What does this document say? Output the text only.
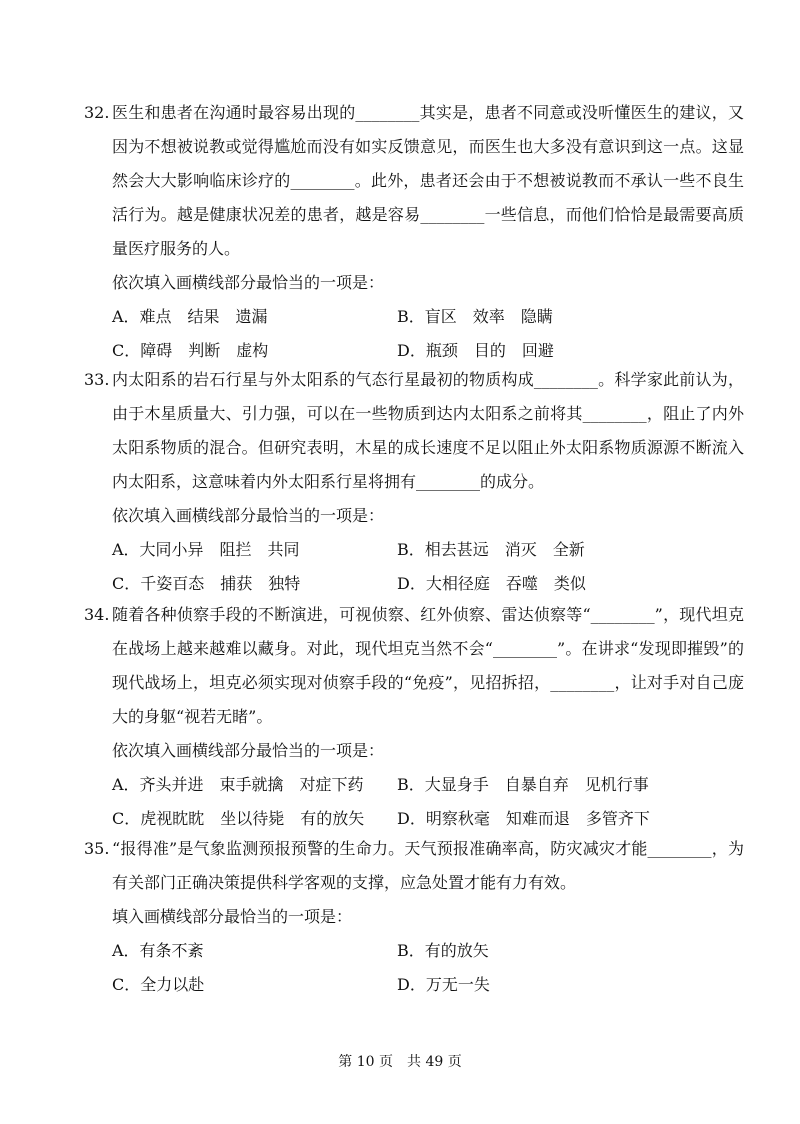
32. 医生和患者在沟通时最容易出现的________其实是，患者不同意或没听懂医生的建议，又因为不想被说教或觉得尴尬而没有如实反馈意见，而医生也大多没有意识到这一点。这显然会大大影响临床诊疗的________。此外，患者还会由于不想被说教而不承认一些不良生活行为。越是健康状况差的患者，越是容易________一些信息，而他们恰恰是最需要高质量医疗服务的人。
依次填入画横线部分最恰当的一项是：
A．难点　结果　遗漏	B．盲区　效率　隐瞒
C．障碍　判断　虚构	D．瓶颈　目的　回避
33. 内太阳系的岩石行星与外太阳系的气态行星最初的物质构成________。科学家此前认为，由于木星质量大、引力强，可以在一些物质到达内太阳系之前将其________，阻止了内外太阳系物质的混合。但研究表明，木星的成长速度不足以阻止外太阳系物质源源不断流入内太阳系，这意味着内外太阳系行星将拥有________的成分。
依次填入画横线部分最恰当的一项是：
A．大同小异　阻拦　共同	B．相去甚远　消灭　全新
C．千姿百态　捕获　独特	D．大相径庭　吞噬　类似
34. 随着各种侦察手段的不断演进，可视侦察、红外侦察、雷达侦察等“________”，现代坦克在战场上越来越难以藏身。对此，现代坦克当然不会“________”。在讲求“发现即摧毁”的现代战场上，坦克必须实现对侦察手段的“免疫”，见招拆招，________，让对手对自己庞大的身躯“视若无睹”。
依次填入画横线部分最恰当的一项是：
A．齐头并进　束手就擒　对症下药	B．大显身手　自暴自弃　见机行事
C．虎视眈眈　坐以待毙　有的放矢	D．明察秋毫　知难而退　多管齐下
35. “报得准”是气象监测预报预警的生命力。天气预报准确率高，防灾减灾才能________，为有关部门正确决策提供科学客观的支撑，应急处置才能有力有效。
填入画横线部分最恰当的一项是：
A．有条不紊	B．有的放矢
C．全力以赴	D．万无一失
第 10 页　共 49 页
